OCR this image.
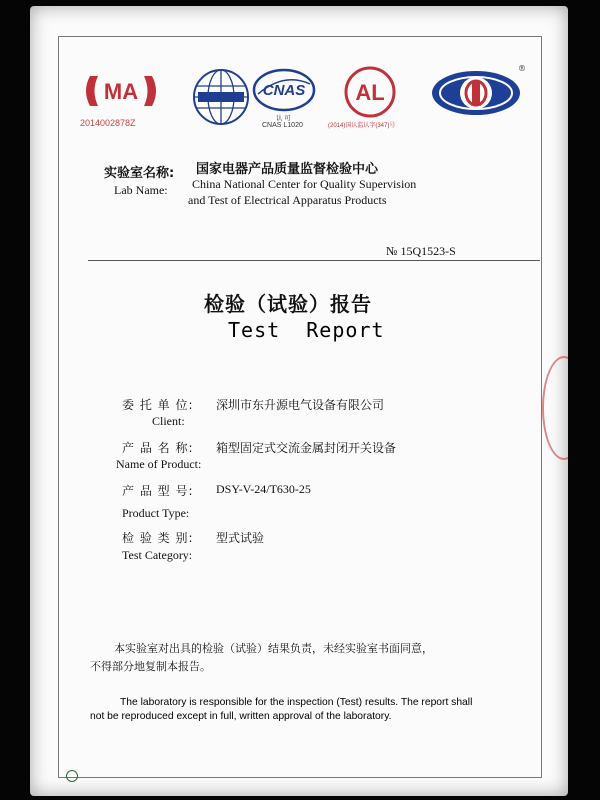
MA
2014002878Z
CNAS
认 可
CNAS L1020
AL
(2014)国认监认字(347)号
®
实验室名称: 国家电器产品质量监督检验中心
Lab Name: China National Center for Quality Supervision
and Test of Electrical Apparatus Products
№ 15Q1523-S
检验（试验）报告
Test  Report
委 托 单 位: 深圳市东升源电气设备有限公司
Client:
产 品 名 称: 箱型固定式交流金属封闭开关设备
Name of Product:
产 品 型 号: DSY-V-24/T630-25
Product Type:
检 验 类 别: 型式试验
Test Category:
本实验室对出具的检验（试验）结果负责，未经实验室书面同意，
不得部分地复制本报告。
The laboratory is responsible for the inspection (Test) results. The report shall
not be reproduced except in full, written approval of the laboratory.
